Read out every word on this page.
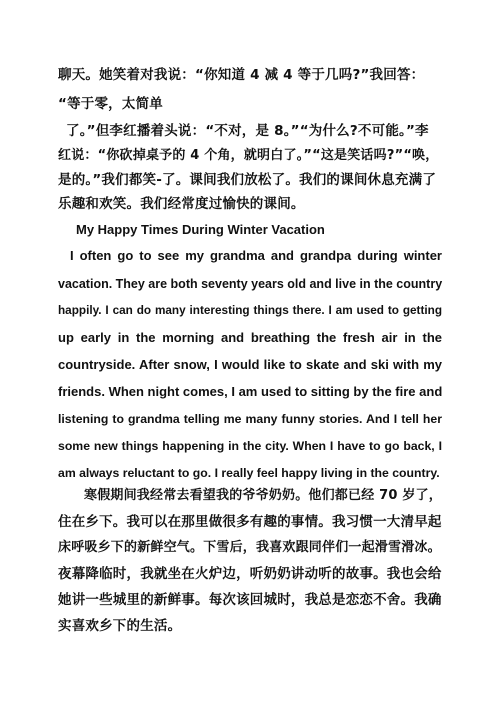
聊天。她笑着对我说：“你知道 4 减 4 等于几吗?”我回答：
“等于零，太简单
了。”但李红播着头说：“不对，是 8。”“为什么?不可能。”李
红说：“你砍掉桌予的 4 个角，就明白了。”“这是笑话吗?”“唤，
是的。”我们都笑-了。课间我们放松了。我们的课间休息充满了
乐趣和欢笑。我们经常度过愉快的课间。
My Happy Times During Winter Vacation
I often go to see my grandma and grandpa during winter
vacation. They are both seventy years old and live in the country
happily. I can do many interesting things there. I am used to getting
up early in the morning and breathing the fresh air in the
countryside. After snow, I would like to skate and ski with my
friends. When night comes, I am used to sitting by the fire and
listening to grandma telling me many funny stories. And I tell her
some new things happening in the city. When I have to go back, I
am always reluctant to go. I really feel happy living in the country.
寒假期间我经常去看望我的爷爷奶奶。他们都已经 70 岁了，
住在乡下。我可以在那里做很多有趣的事情。我习惯一大清早起
床呼吸乡下的新鲜空气。下雪后，我喜欢跟同伴们一起滑雪滑冰。
夜幕降临时，我就坐在火炉边，听奶奶讲动听的故事。我也会给
她讲一些城里的新鲜事。每次该回城时，我总是恋恋不舍。我确
实喜欢乡下的生活。
